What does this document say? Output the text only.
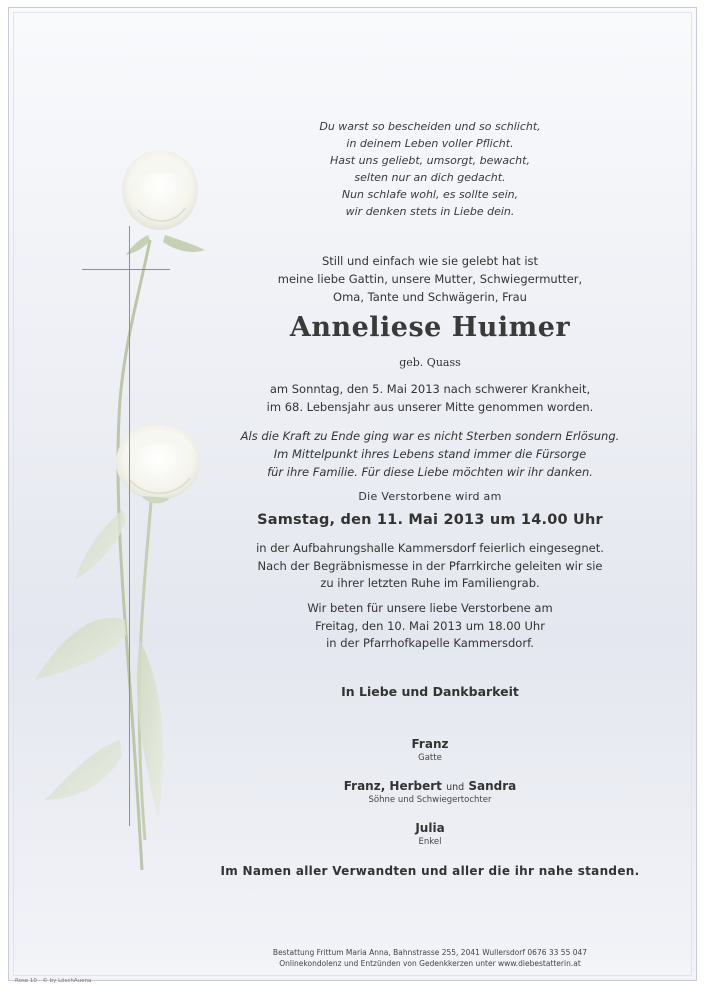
Du warst so bescheiden und so schlicht,
in deinem Leben voller Pflicht.
Hast uns geliebt, umsorgt, bewacht,
selten nur an dich gedacht.
Nun schlafe wohl, es sollte sein,
wir denken stets in Liebe dein.
Still und einfach wie sie gelebt hat ist
meine liebe Gattin, unsere Mutter, Schwiegermutter,
Oma, Tante und Schwägerin, Frau
Anneliese Huimer
geb. Quass
am Sonntag, den 5. Mai 2013 nach schwerer Krankheit,
im 68. Lebensjahr aus unserer Mitte genommen worden.
Als die Kraft zu Ende ging war es nicht Sterben sondern Erlösung.
Im Mittelpunkt ihres Lebens stand immer die Fürsorge
für ihre Familie. Für diese Liebe möchten wir ihr danken.
Die Verstorbene wird am
Samstag, den 11. Mai 2013 um 14.00 Uhr
in der Aufbahrungshalle Kammersdorf feierlich eingesegnet.
Nach der Begräbnismesse in der Pfarrkirche geleiten wir sie
zu ihrer letzten Ruhe im Familiengrab.
Wir beten für unsere liebe Verstorbene am
Freitag, den 10. Mai 2013 um 18.00 Uhr
in der Pfarrhofkapelle Kammersdorf.
In Liebe und Dankbarkeit
Franz
Gatte
Franz, Herbert und Sandra
Söhne und Schwiegertochter
Julia
Enkel
Im Namen aller Verwandten und aller die ihr nahe standen.
Bestattung Frittum Maria Anna, Bahnstrasse 255, 2041 Wullersdorf 0676 33 55 047
Onlinekondolenz und Entzünden von Gedenkkerzen unter www.diebestatterin.at
Rose 10 - © by LöschAuena
